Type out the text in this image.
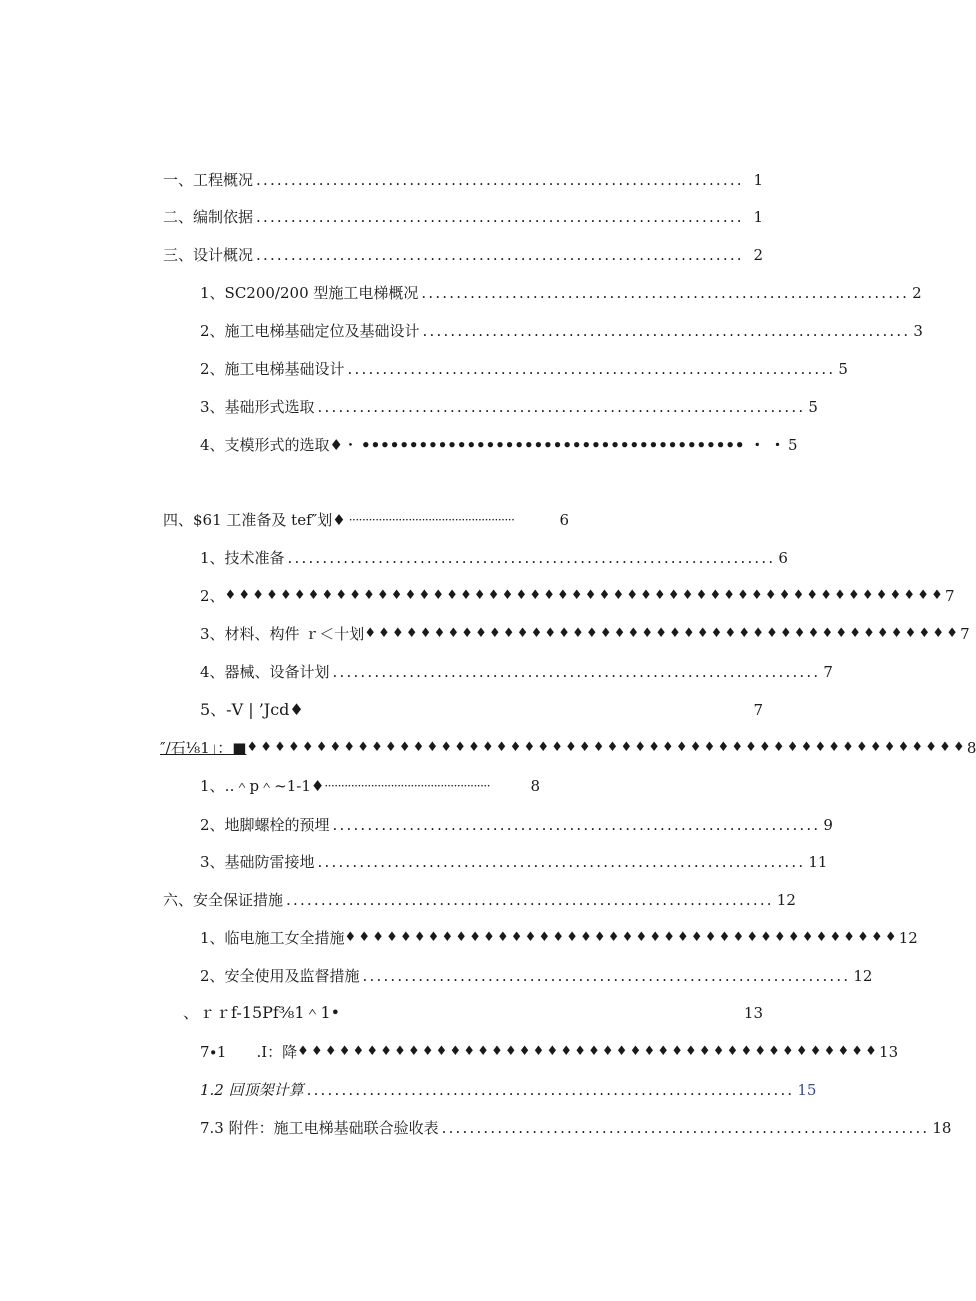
一、工程概况 ...................................................................... 1
二、编制依据 ...................................................................... 1
三、设计概况 ...................................................................... 2
1、SC200/200 型施工电梯概况 ...................................................................... 2
2、施工电梯基础定位及基础设计 ...................................................................... 3
2、施工电梯基础设计 ...................................................................... 5
3、基础形式选取 ...................................................................... 5
4、支模形式的选取♦・ •••••••••••••••••••••••••••••••••••••••• ・ ・ 5
四、$61 工准备及 tef″划♦ ··················································	6
1、技术准备 ...................................................................... 6
2、 ♦♦♦♦♦♦♦♦♦♦♦♦♦♦♦♦♦♦♦♦♦♦♦♦♦♦♦♦♦♦♦♦♦♦♦♦♦♦♦♦♦♦♦♦♦♦♦♦♦♦♦♦ 7
3、材料、构件 ｒ＜十划 ♦♦♦♦♦♦♦♦♦♦♦♦♦♦♦♦♦♦♦♦♦♦♦♦♦♦♦♦♦♦♦♦♦♦♦♦♦♦♦♦♦♦♦ 7
4、器械、设备计划 ...................................................................... 7
5、-V | ’Jcd♦	7
″/石⅛1」：■ ♦♦♦♦♦♦♦♦♦♦♦♦♦♦♦♦♦♦♦♦♦♦♦♦♦♦♦♦♦♦♦♦♦♦♦♦♦♦♦♦♦♦♦♦♦♦♦♦♦♦♦♦ 8
1、‥＾p＾~1-1♦ ··················································	8
2、地脚螺栓的预埋 ...................................................................... 9
3、基础防雷接地 ...................................................................... 11
六、安全保证措施 ...................................................................... 12
1、临电施工女全措施 ♦♦♦♦♦♦♦♦♦♦♦♦♦♦♦♦♦♦♦♦♦♦♦♦♦♦♦♦♦♦♦♦♦♦♦♦♦♦♦♦ 12
2、安全使用及监督措施 ...................................................................... 12
、ｒｒf-15Pf⅜1＾1•	13
7∙1　　.I：降 ♦♦♦♦♦♦♦♦♦♦♦♦♦♦♦♦♦♦♦♦♦♦♦♦♦♦♦♦♦♦♦♦♦♦♦♦♦♦♦♦♦♦ 13
1.2 回顶架计算 ...................................................................... 15
7.3 附件：施工电梯基础联合验收表 ...................................................................... 18
